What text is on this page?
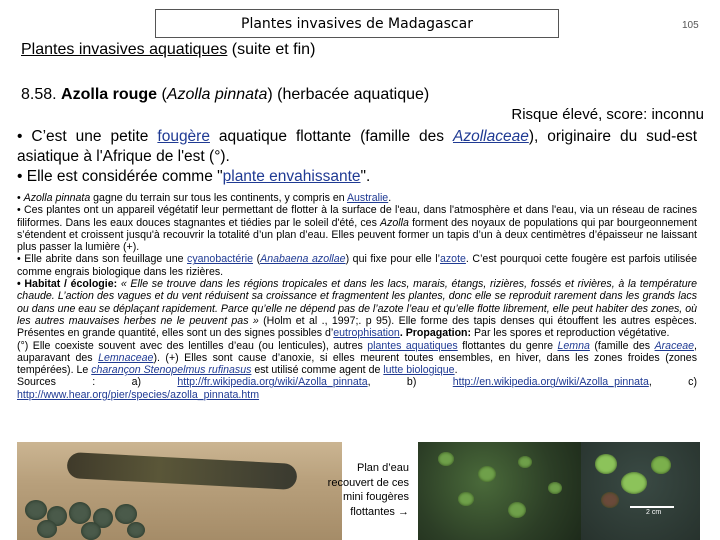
Plantes invasives de Madagascar	105
Plantes invasives aquatiques (suite et fin)
8.58. Azolla rouge (Azolla pinnata) (herbacée aquatique)
Risque élevé, score: inconnu

• C’est une petite fougère aquatique flottante (famille des Azollaceae), originaire du sud-est asiatique à l'Afrique de l'est (°).

• Elle est considérée comme "plante envahissante".

• Azolla pinnata gagne du terrain sur tous les continents, y compris en Australie.

• Ces plantes ont un appareil végétatif leur permettant de flotter à la surface de l'eau, dans l'atmosphère et dans l'eau, via un réseau de racines filiformes. Dans les eaux douces stagnantes et tiédies par le soleil d'été, ces Azolla forment des noyaux de populations qui par bourgeonnement s’étendent et croissent jusqu'à recouvrir la totalité d’un plan d’eau. Elles peuvent former un tapis d’un à deux centimètres d’épaisseur ne laissant plus passer la lumière (+).

• Elle abrite dans son feuillage une cyanobactérie (Anabaena azollae) qui fixe pour elle l’azote. C’est pourquoi cette fougère est parfois utilisée comme engrais biologique dans les rizières.

• Habitat / écologie: « Elle se trouve dans les régions tropicales et dans les lacs, marais, étangs, rizières, fossés et rivières, à la température chaude. L’action des vagues et du vent réduisent sa croissance et fragmentent les plantes, donc elle se reproduit rarement dans les grands lacs ou dans une eau se déplaçant rapidement. Parce qu’elle ne dépend pas de l’azote l’eau et qu’elle flotte librement, elle peut habiter des zones, où les autres mauvaises herbes ne le peuvent pas » (Holm et al ., 1997;. p 95). Elle forme des tapis denses qui étouffent les autres espèces. Présentes en grande quantité, elles sont un des signes possibles d’eutrophisation. Propagation: Par les spores et reproduction végétative.

(°) Elle coexiste souvent avec des lentilles d’eau (ou lenticules), autres plantes aquatiques flottantes du genre Lemna (famille des Araceae, auparavant des Lemnaceae). (+) Elles sont cause d’anoxie, si elles meurent toutes ensembles, en hiver, dans les zones froides (zones tempérées). Le charançon Stenopelmus rufinasus est utilisé comme agent de lutte biologique.

Sources : a) http://fr.wikipedia.org/wiki/Azolla_pinnata, b) http://en.wikipedia.org/wiki/Azolla_pinnata, c) http://www.hear.org/pier/species/azolla_pinnata.htm

Plan d’eau recouvert de ces mini fougères flottantes →	2 cm
